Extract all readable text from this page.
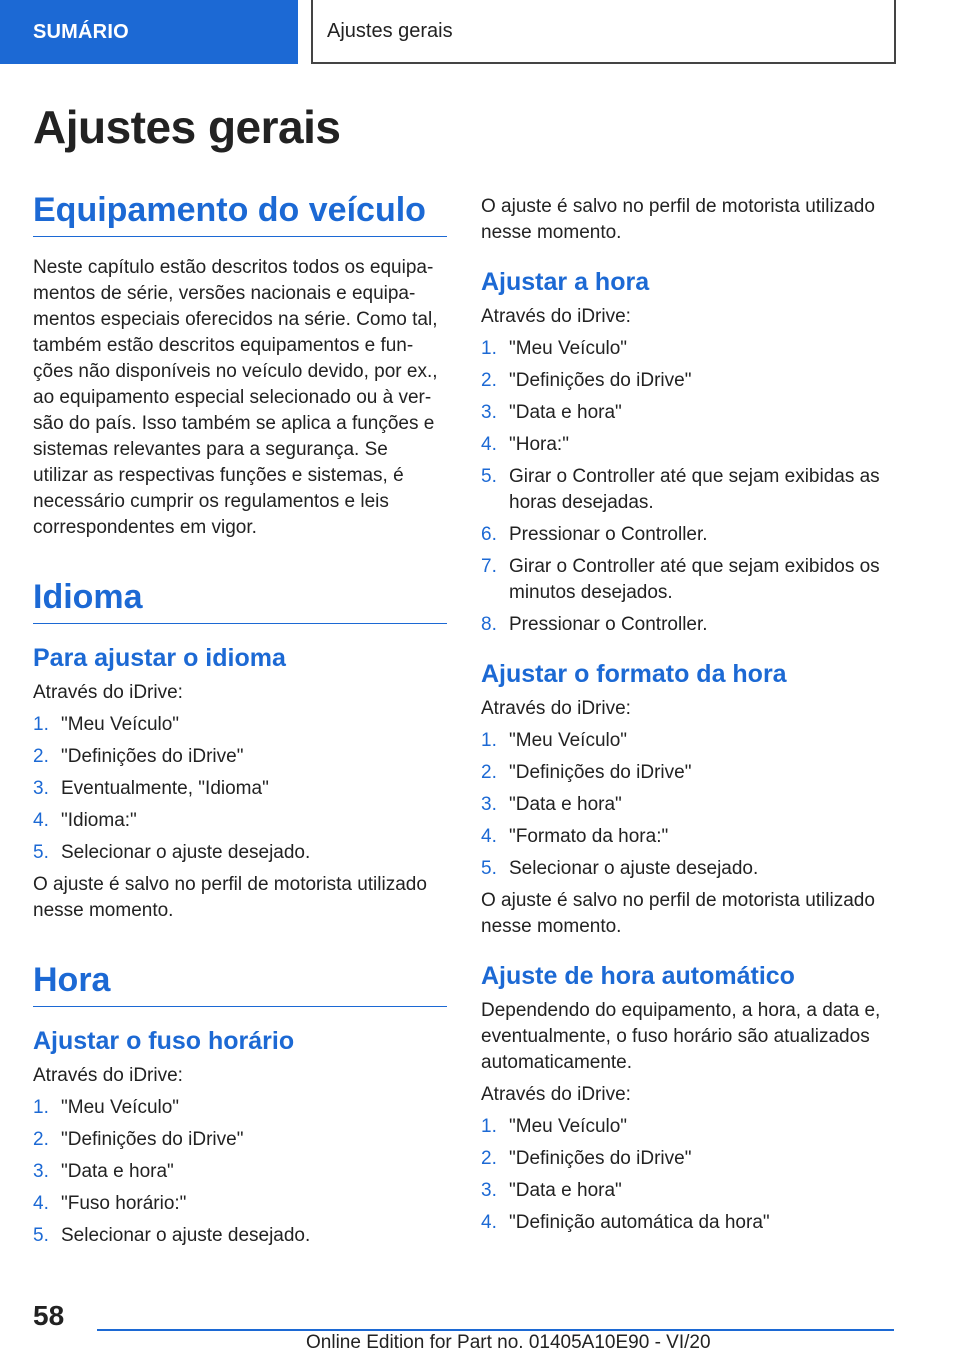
SUMÁRIO	Ajustes gerais
Ajustes gerais
Equipamento do veículo

Neste capítulo estão descritos todos os equipa-mentos de série, versões nacionais e equipa-mentos especiais oferecidos na série. Como tal, também estão descritos equipamentos e fun-ções não disponíveis no veículo devido, por ex., ao equipamento especial selecionado ou à ver-são do país. Isso também se aplica a funções e sistemas relevantes para a segurança. Se utilizar as respectivas funções e sistemas, é necessário cumprir os regulamentos e leis correspondentes em vigor.

Idioma
Para ajustar o idioma

Através do iDrive:

1. "Meu Veículo"
2. "Definições do iDrive"
3. Eventualmente, "Idioma"
4. "Idioma:"
5. Selecionar o ajuste desejado.

O ajuste é salvo no perfil de motorista utilizado nesse momento.

Hora
Ajustar o fuso horário

Através do iDrive:

1. "Meu Veículo"
2. "Definições do iDrive"
3. "Data e hora"
4. "Fuso horário:"
5. Selecionar o ajuste desejado.

O ajuste é salvo no perfil de motorista utilizado nesse momento.

Ajustar a hora

Através do iDrive:

1. "Meu Veículo"
2. "Definições do iDrive"
3. "Data e hora"
4. "Hora:"
5. Girar o Controller até que sejam exibidas as horas desejadas.
6. Pressionar o Controller.
7. Girar o Controller até que sejam exibidos os minutos desejados.
8. Pressionar o Controller.
Ajustar o formato da hora

Através do iDrive:

1. "Meu Veículo"
2. "Definições do iDrive"
3. "Data e hora"
4. "Formato da hora:"
5. Selecionar o ajuste desejado.

O ajuste é salvo no perfil de motorista utilizado nesse momento.

Ajuste de hora automático

Dependendo do equipamento, a hora, a data e, eventualmente, o fuso horário são atualizados automaticamente.

Através do iDrive:

1. "Meu Veículo"
2. "Definições do iDrive"
3. "Data e hora"
4. "Definição automática da hora"
58
Online Edition for Part no. 01405A10E90 - VI/20
